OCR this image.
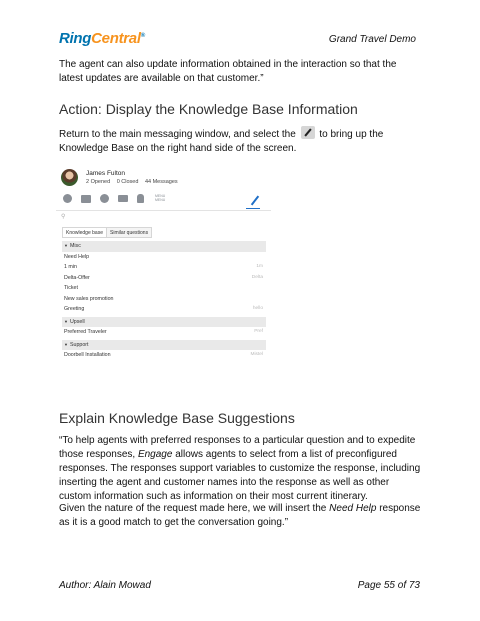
RingCentral®	Grand Travel Demo

The agent can also update information obtained in the interaction so that the latest updates are available on that customer.”

Action: Display the Knowledge Base Information

Return to the main messaging window, and select the to bring up the Knowledge Base on the right hand side of the screen.

James Fulton
2 Opened 0 Closed 44 Messages
MENU MENU
⚲
Knowledge base	Similar questions
▼ Misc
Need Help
1 min	1m
Delta-Offer	Delta
Ticket
New sales promotion
Greeting	hello
▼ Upsell
Preferred Traveler	Pref
▼ Support
Doorbell Installation	Mistel
Explain Knowledge Base Suggestions

“To help agents with preferred responses to a particular question and to expedite those responses, Engage allows agents to select from a list of preconfigured responses. The responses support variables to customize the response, including inserting the agent and customer names into the response as well as other custom information such as information on their most current itinerary.

Given the nature of the request made here, we will insert the Need Help response as it is a good match to get the conversation going.”

Author: Alain Mowad	Page 55 of 73
